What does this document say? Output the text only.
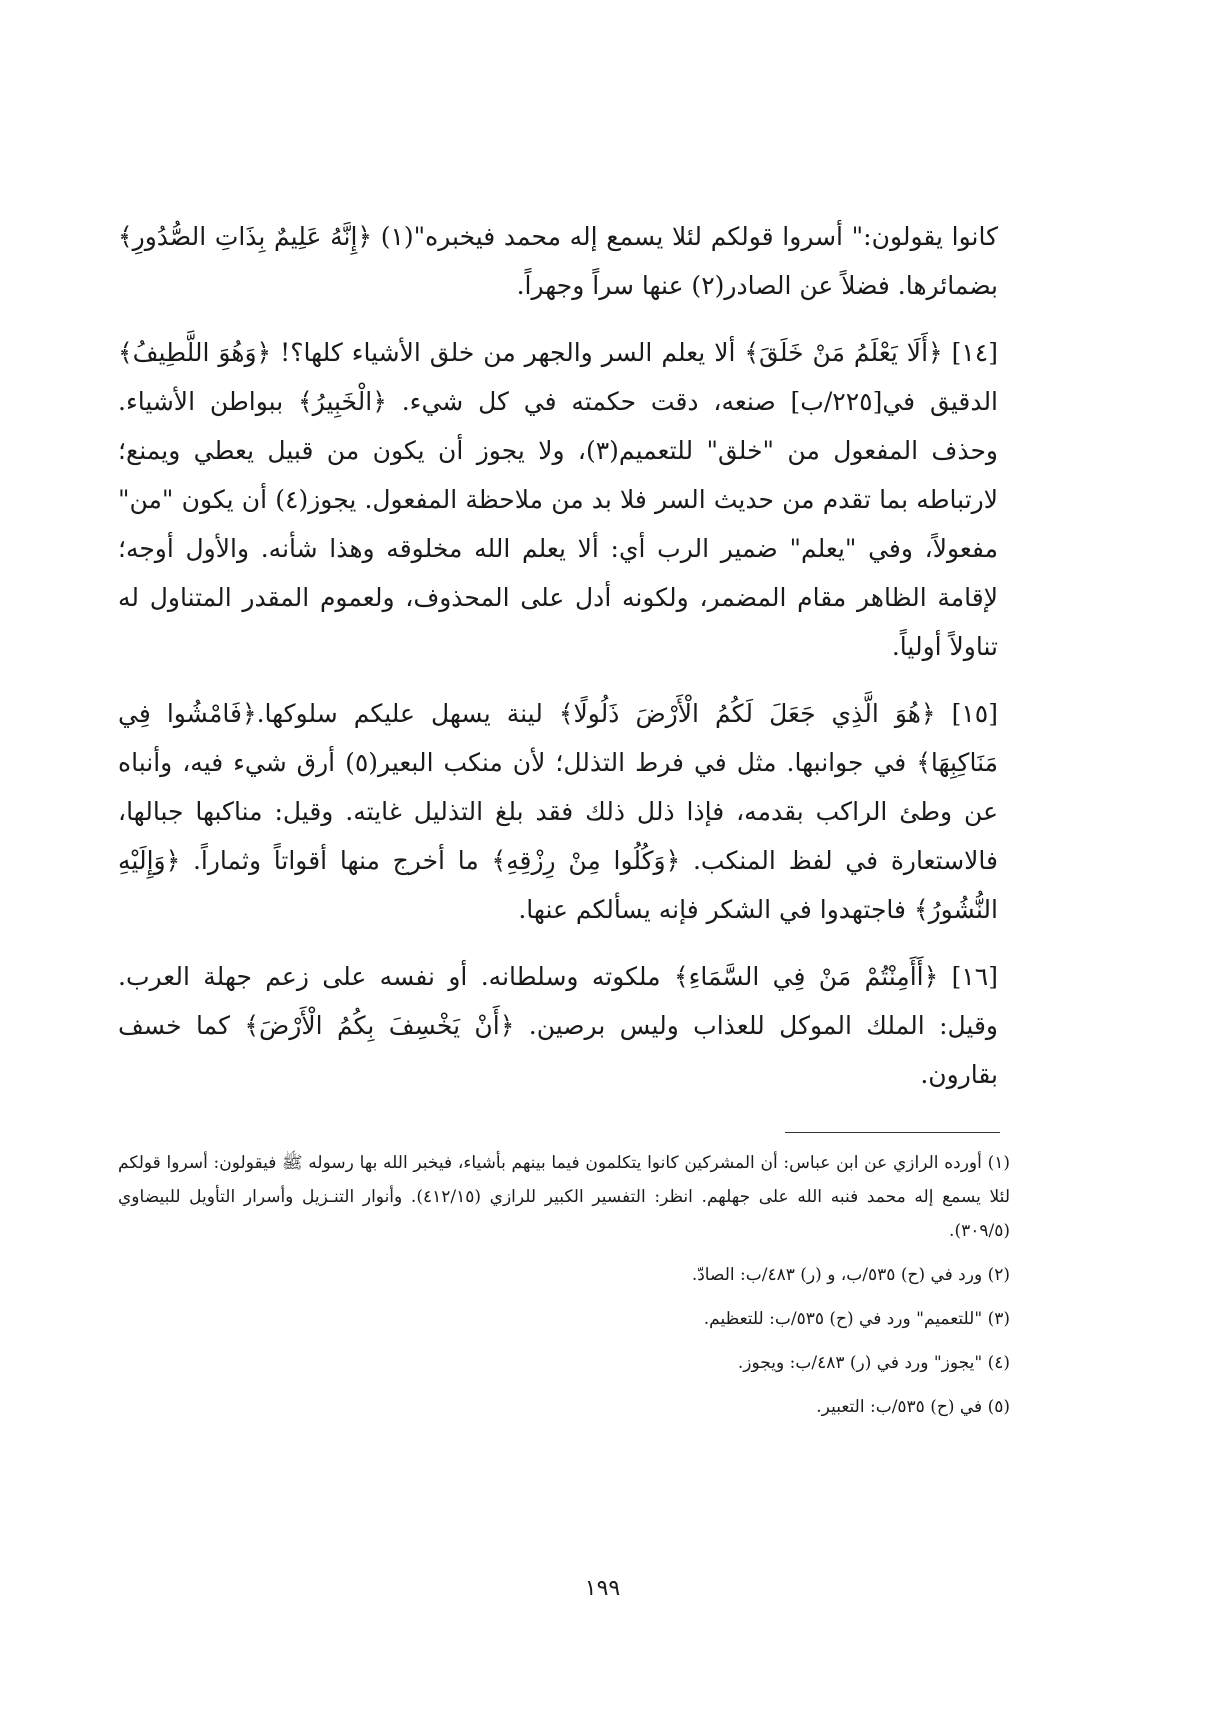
كانوا يقولون:" أسروا قولكم لئلا يسمع إله محمد فيخبره"(١) ﴿إِنَّهُ عَلِيمٌ بِذَاتِ الصُّدُورِ﴾ بضمائرها. فضلاً عن الصادر(٢) عنها سراً وجهراً.

[١٤] ﴿أَلَا يَعْلَمُ مَنْ خَلَقَ﴾ ألا يعلم السر والجهر من خلق الأشياء كلها؟! ﴿وَهُوَ اللَّطِيفُ﴾ الدقيق في[٢٢٥/ب] صنعه، دقت حكمته في كل شيء. ﴿الْخَبِيرُ﴾ ببواطن الأشياء. وحذف المفعول من "خلق" للتعميم(٣)، ولا يجوز أن يكون من قبيل يعطي ويمنع؛ لارتباطه بما تقدم من حديث السر فلا بد من ملاحظة المفعول. يجوز(٤) أن يكون "من" مفعولاً، وفي "يعلم" ضمير الرب أي: ألا يعلم الله مخلوقه وهذا شأنه. والأول أوجه؛ لإقامة الظاهر مقام المضمر، ولكونه أدل على المحذوف، ولعموم المقدر المتناول له تناولاً أولياً.

[١٥] ﴿هُوَ الَّذِي جَعَلَ لَكُمُ الْأَرْضَ ذَلُولًا﴾ لينة يسهل عليكم سلوكها.﴿فَامْشُوا فِي مَنَاكِبِهَا﴾ في جوانبها. مثل في فرط التذلل؛ لأن منكب البعير(٥) أرق شيء فيه، وأنباه عن وطئ الراكب بقدمه، فإذا ذلل ذلك فقد بلغ التذليل غايته. وقيل: مناكبها جبالها، فالاستعارة في لفظ المنكب. ﴿وَكُلُوا مِنْ رِزْقِهِ﴾ ما أخرج منها أقواتاً وثماراً. ﴿وَإِلَيْهِ النُّشُورُ﴾ فاجتهدوا في الشكر فإنه يسألكم عنها.

[١٦] ﴿أَأَمِنْتُمْ مَنْ فِي السَّمَاءِ﴾ ملكوته وسلطانه. أو نفسه على زعم جهلة العرب. وقيل: الملك الموكل للعذاب وليس برصين. ﴿أَنْ يَخْسِفَ بِكُمُ الْأَرْضَ﴾ كما خسف بقارون.

(١) أورده الرازي عن ابن عباس: أن المشركين كانوا يتكلمون فيما بينهم بأشياء، فيخبر الله بها رسوله ﷺ فيقولون: أسروا قولكم لئلا يسمع إله محمد فنبه الله على جهلهم. انظر: التفسير الكبير للرازي (٤١٢/١٥). وأنوار التنـزيل وأسرار التأويل للبيضاوي (٣٠٩/٥).

(٢) ورد في (ح) ٥٣٥/ب، و (ر) ٤٨٣/ب: الصادّ.

(٣) "للتعميم" ورد في (ح) ٥٣٥/ب: للتعظيم.

(٤) "يجوز" ورد في (ر) ٤٨٣/ب: ويجوز.

(٥) في (ح) ٥٣٥/ب: التعبير.

١٩٩
